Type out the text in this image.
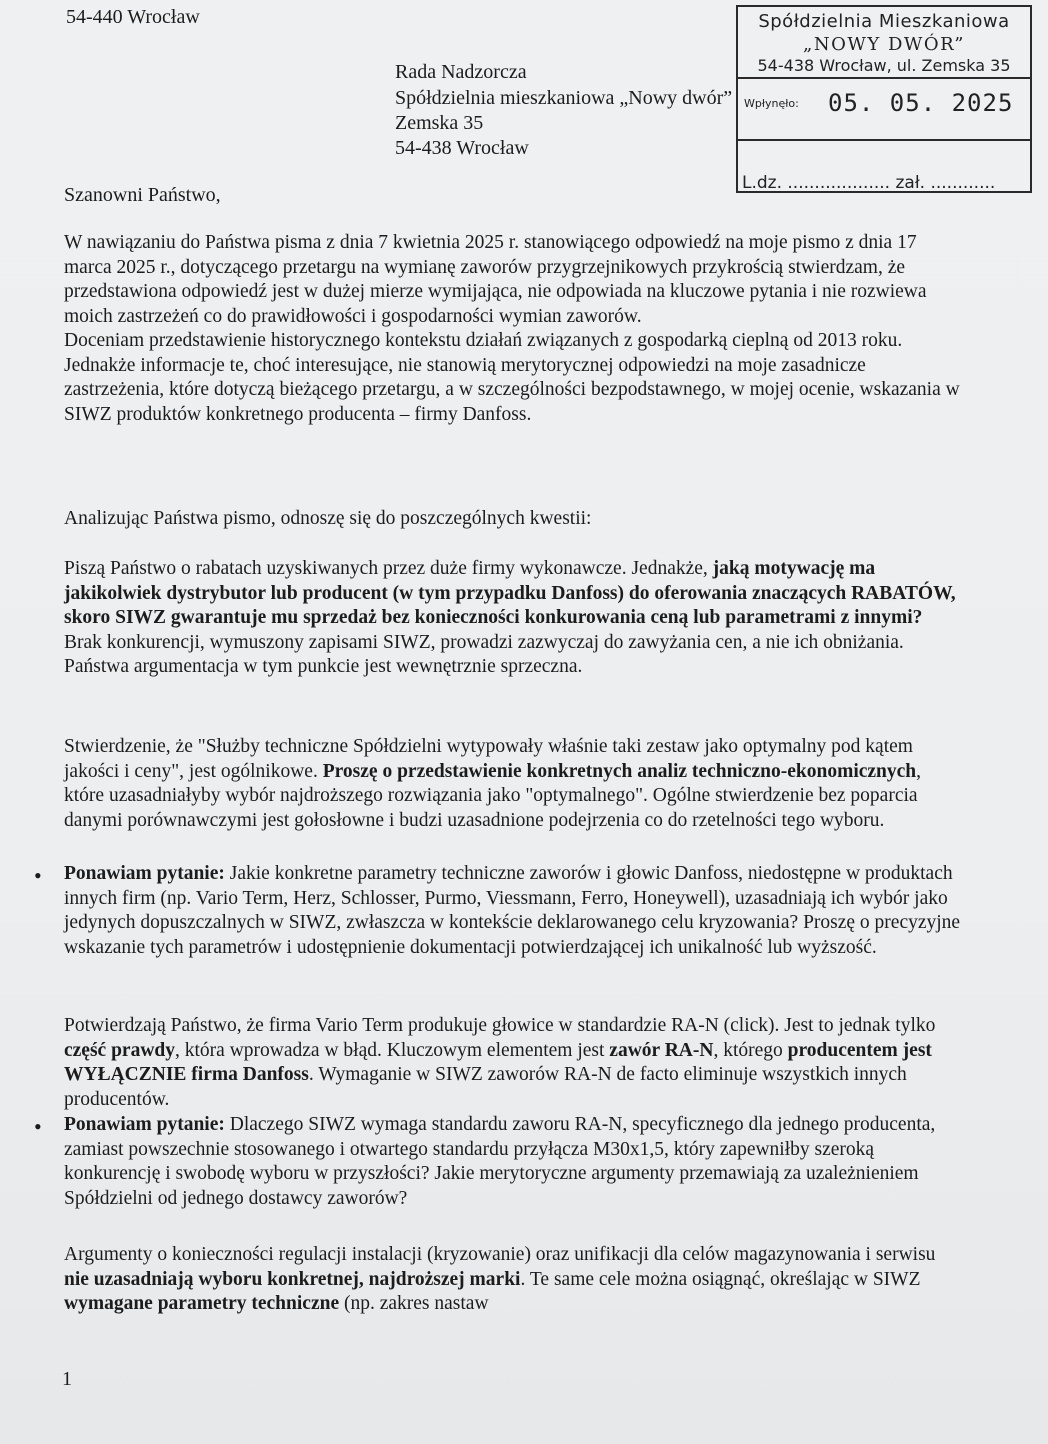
54-440 Wrocław
Rada Nadzorcza
Spółdzielnia mieszkaniowa „Nowy dwór”
Zemska 35
54-438 Wrocław
Spółdzielnia Mieszkaniowa
„NOWY DWÓR”
54-438 Wrocław, ul. Zemska 35
Wpłynęło: 05. 05. 2025
L.dz. ................... zał. ............
Szanowni Państwo,

W nawiązaniu do Państwa pisma z dnia 7 kwietnia 2025 r. stanowiącego odpowiedź na moje pismo z dnia 17 marca 2025 r., dotyczącego przetargu na wymianę zaworów przygrzejnikowych przykrością stwierdzam, że przedstawiona odpowiedź jest w dużej mierze wymijająca, nie odpowiada na kluczowe pytania i nie rozwiewa moich zastrzeżeń co do prawidłowości i gospodarności wymian zaworów.

Doceniam przedstawienie historycznego kontekstu działań związanych z gospodarką cieplną od 2013 roku. Jednakże informacje te, choć interesujące, nie stanowią merytorycznej odpowiedzi na moje zasadnicze zastrzeżenia, które dotyczą bieżącego przetargu, a w szczególności bezpodstawnego, w mojej ocenie, wskazania w SIWZ produktów konkretnego producenta – firmy Danfoss.

Analizując Państwa pismo, odnoszę się do poszczególnych kwestii:

Piszą Państwo o rabatach uzyskiwanych przez duże firmy wykonawcze. Jednakże, jaką motywację ma jakikolwiek dystrybutor lub producent (w tym przypadku Danfoss) do oferowania znaczących RABATÓW, skoro SIWZ gwarantuje mu sprzedaż bez konieczności konkurowania ceną lub parametrami z innymi? Brak konkurencji, wymuszony zapisami SIWZ, prowadzi zazwyczaj do zawyżania cen, a nie ich obniżania. Państwa argumentacja w tym punkcie jest wewnętrznie sprzeczna.

Stwierdzenie, że "Służby techniczne Spółdzielni wytypowały właśnie taki zestaw jako optymalny pod kątem jakości i ceny", jest ogólnikowe. Proszę o przedstawienie konkretnych analiz techniczno-ekonomicznych, które uzasadniałyby wybór najdroższego rozwiązania jako "optymalnego". Ogólne stwierdzenie bez poparcia danymi porównawczymi jest gołosłowne i budzi uzasadnione podejrzenia co do rzetelności tego wyboru.

• Ponawiam pytanie: Jakie konkretne parametry techniczne zaworów i głowic Danfoss, niedostępne w produktach innych firm (np. Vario Term, Herz, Schlosser, Purmo, Viessmann, Ferro, Honeywell), uzasadniają ich wybór jako jedynych dopuszczalnych w SIWZ, zwłaszcza w kontekście deklarowanego celu kryzowania? Proszę o precyzyjne wskazanie tych parametrów i udostępnienie dokumentacji potwierdzającej ich unikalność lub wyższość.

Potwierdzają Państwo, że firma Vario Term produkuje głowice w standardzie RA-N (click). Jest to jednak tylko część prawdy, która wprowadza w błąd. Kluczowym elementem jest zawór RA-N, którego producentem jest WYŁĄCZNIE firma Danfoss. Wymaganie w SIWZ zaworów RA-N de facto eliminuje wszystkich innych producentów.

• Ponawiam pytanie: Dlaczego SIWZ wymaga standardu zaworu RA-N, specyficznego dla jednego producenta, zamiast powszechnie stosowanego i otwartego standardu przyłącza M30x1,5, który zapewniłby szeroką konkurencję i swobodę wyboru w przyszłości? Jakie merytoryczne argumenty przemawiają za uzależnieniem Spółdzielni od jednego dostawcy zaworów?

Argumenty o konieczności regulacji instalacji (kryzowanie) oraz unifikacji dla celów magazynowania i serwisu nie uzasadniają wyboru konkretnej, najdroższej marki. Te same cele można osiągnąć, określając w SIWZ wymagane parametry techniczne (np. zakres nastaw

1
